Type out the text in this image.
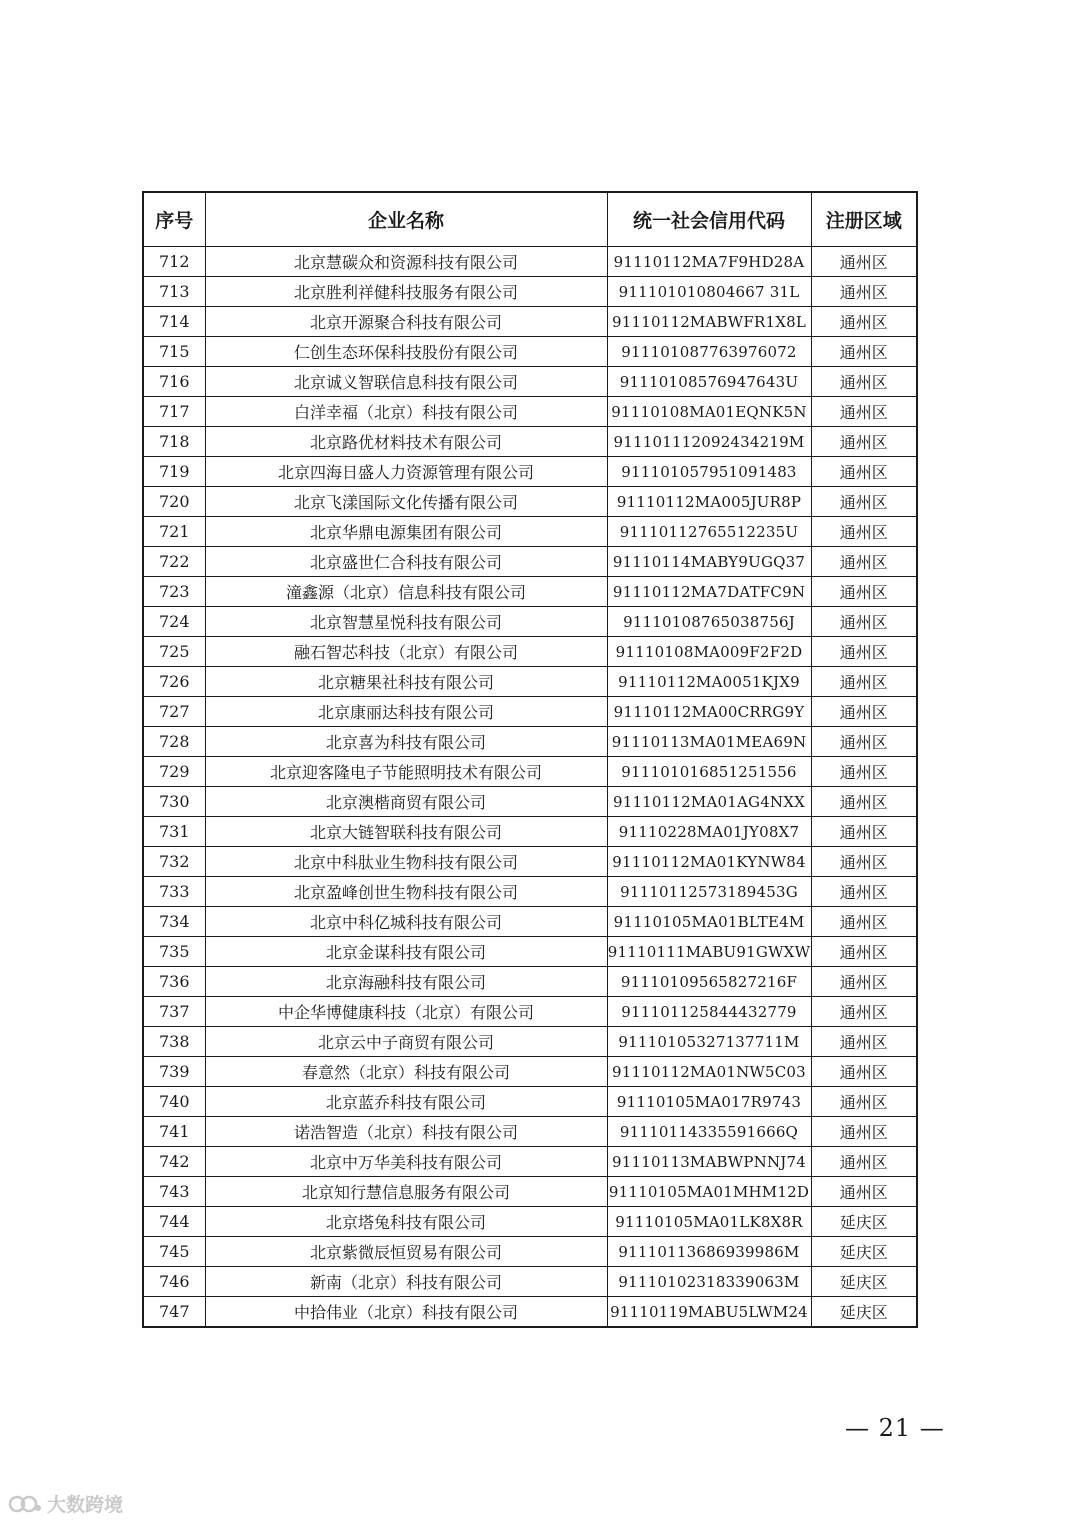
序号	企业名称	统一社会信用代码	注册区域
712	北京慧碳众和资源科技有限公司	91110112MA7F9HD28A	通州区
713	北京胜利祥健科技服务有限公司	911101010804667 31L	通州区
714	北京开源聚合科技有限公司	91110112MABWFR1X8L	通州区
715	仁创生态环保科技股份有限公司	911101087763976072	通州区
716	北京诚义智联信息科技有限公司	91110108576947643U	通州区
717	白洋幸福（北京）科技有限公司	91110108MA01EQNK5N	通州区
718	北京路优材料技术有限公司	911101112092434219M	通州区
719	北京四海日盛人力资源管理有限公司	911101057951091483	通州区
720	北京飞漾国际文化传播有限公司	91110112MA005JUR8P	通州区
721	北京华鼎电源集团有限公司	91110112765512235U	通州区
722	北京盛世仁合科技有限公司	91110114MABY9UGQ37	通州区
723	潼鑫源（北京）信息科技有限公司	91110112MA7DATFC9N	通州区
724	北京智慧星悦科技有限公司	91110108765038756J	通州区
725	融石智芯科技（北京）有限公司	91110108MA009F2F2D	通州区
726	北京糖果社科技有限公司	91110112MA0051KJX9	通州区
727	北京康丽达科技有限公司	91110112MA00CRRG9Y	通州区
728	北京喜为科技有限公司	91110113MA01MEA69N	通州区
729	北京迎客隆电子节能照明技术有限公司	911101016851251556	通州区
730	北京澳楷商贸有限公司	91110112MA01AG4NXX	通州区
731	北京大链智联科技有限公司	91110228MA01JY08X7	通州区
732	北京中科肽业生物科技有限公司	91110112MA01KYNW84	通州区
733	北京盈峰创世生物科技有限公司	91110112573189453G	通州区
734	北京中科亿城科技有限公司	91110105MA01BLTE4M	通州区
735	北京金谋科技有限公司	91110111MABU91GWXW	通州区
736	北京海融科技有限公司	91110109565827216F	通州区
737	中企华博健康科技（北京）有限公司	911101125844432779	通州区
738	北京云中子商贸有限公司	91110105327137711M	通州区
739	春意然（北京）科技有限公司	91110112MA01NW5C03	通州区
740	北京蓝乔科技有限公司	91110105MA017R9743	通州区
741	诺浩智造（北京）科技有限公司	91110114335591666Q	通州区
742	北京中万华美科技有限公司	91110113MABWPNNJ74	通州区
743	北京知行慧信息服务有限公司	91110105MA01MHM12D	通州区
744	北京塔兔科技有限公司	91110105MA01LK8X8R	延庆区
745	北京紫微辰恒贸易有限公司	91110113686939986M	延庆区
746	新南（北京）科技有限公司	91110102318339063M	延庆区
747	中拾伟业（北京）科技有限公司	91110119MABU5LWM24	延庆区
— 21 —
大数跨境
